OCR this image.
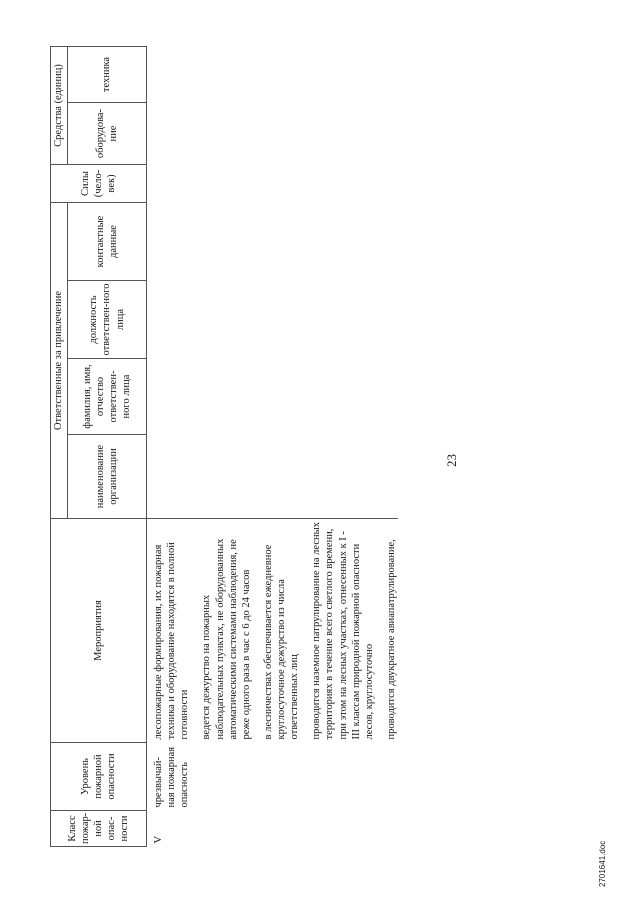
23
2701641.doc
Класс пожар-ной опас-ности	Уровень пожарной опасности	Мероприятия	Ответственные за привлечение				Силы (чело-век)	Средства (единиц)	
			наименование организации	фамилия, имя, отчество ответствен-ного лица	должность ответствен-ного лица	контактные данные		оборудова-ние	техника
V	чрезвычай-ная пожарная опасность	лесопожарные формирования, их пожарная техника и оборудование находятся в полной готовности ведется дежурство на пожарных наблюдательных пунктах, не оборудованных автоматическими системами наблюдения, не реже одного раза в час с 6 до 24 часов в лесничествах обеспечивается ежедневное круглосуточное дежурство из числа ответственных лиц проводится наземное патрулирование на лесных территориях в течение всего светлого времени, при этом на лесных участках, отнесенных к I - III классам природной пожарной опасности лесов, круглосуточно проводится двукратное авиапатрулирование,							
